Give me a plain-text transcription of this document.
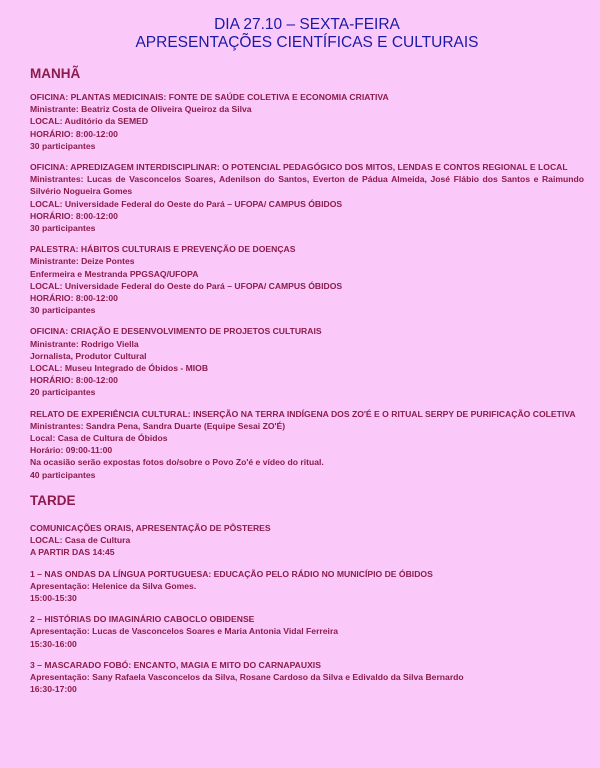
DIA 27.10 – SEXTA-FEIRA
APRESENTAÇÕES CIENTÍFICAS E CULTURAIS
MANHÃ
OFICINA: PLANTAS MEDICINAIS: FONTE DE SAÚDE COLETIVA E ECONOMIA CRIATIVA
Ministrante: Beatriz Costa de Oliveira Queiroz da Silva
LOCAL: Auditório da SEMED
HORÁRIO: 8:00-12:00
30 participantes
OFICINA: APREDIZAGEM INTERDISCIPLINAR: O POTENCIAL PEDAGÓGICO DOS MITOS, LENDAS E CONTOS REGIONAL E LOCAL
Ministrantes: Lucas de Vasconcelos Soares, Adenilson do Santos, Everton de Pádua Almeida, José Flábio dos Santos e Raimundo Silvério Nogueira Gomes
LOCAL: Universidade Federal do Oeste do Pará – UFOPA/ CAMPUS ÓBIDOS
HORÁRIO: 8:00-12:00
30 participantes
PALESTRA: HÁBITOS CULTURAIS E PREVENÇÃO DE DOENÇAS
Ministrante: Deize Pontes
Enfermeira e Mestranda PPGSAQ/UFOPA
LOCAL: Universidade Federal do Oeste do Pará – UFOPA/ CAMPUS ÓBIDOS
HORÁRIO: 8:00-12:00
30 participantes
OFICINA: CRIAÇÃO E DESENVOLVIMENTO DE PROJETOS CULTURAIS
Ministrante: Rodrigo Viella
Jornalista, Produtor Cultural
LOCAL: Museu Integrado de Óbidos - MIOB
HORÁRIO: 8:00-12:00
20 participantes
RELATO DE EXPERIÊNCIA CULTURAL: INSERÇÃO NA TERRA INDÍGENA DOS ZO'É E O RITUAL SERPY DE PURIFICAÇÃO COLETIVA
Ministrantes: Sandra Pena, Sandra Duarte (Equipe Sesai ZO'É)
Local: Casa de Cultura de Óbidos
Horário: 09:00-11:00
Na ocasião serão expostas fotos do/sobre o Povo Zo'é e vídeo do ritual.
40 participantes
TARDE
COMUNICAÇÕES ORAIS, APRESENTAÇÃO DE PÔSTERES
LOCAL: Casa de Cultura
A PARTIR DAS 14:45
1 – NAS ONDAS DA LÍNGUA PORTUGUESA: EDUCAÇÃO PELO RÁDIO NO MUNICÍPIO DE ÓBIDOS
Apresentação: Helenice da Silva Gomes.
15:00-15:30
2 – HISTÓRIAS DO IMAGINÁRIO CABOCLO OBIDENSE
Apresentação: Lucas de Vasconcelos Soares e Maria Antonia Vidal Ferreira
15:30-16:00
3 – MASCARADO FOBÓ: ENCANTO, MAGIA E MITO DO CARNAPAUXIS
Apresentação: Sany Rafaela Vasconcelos da Silva, Rosane Cardoso da Silva e Edivaldo da Silva Bernardo
16:30-17:00
